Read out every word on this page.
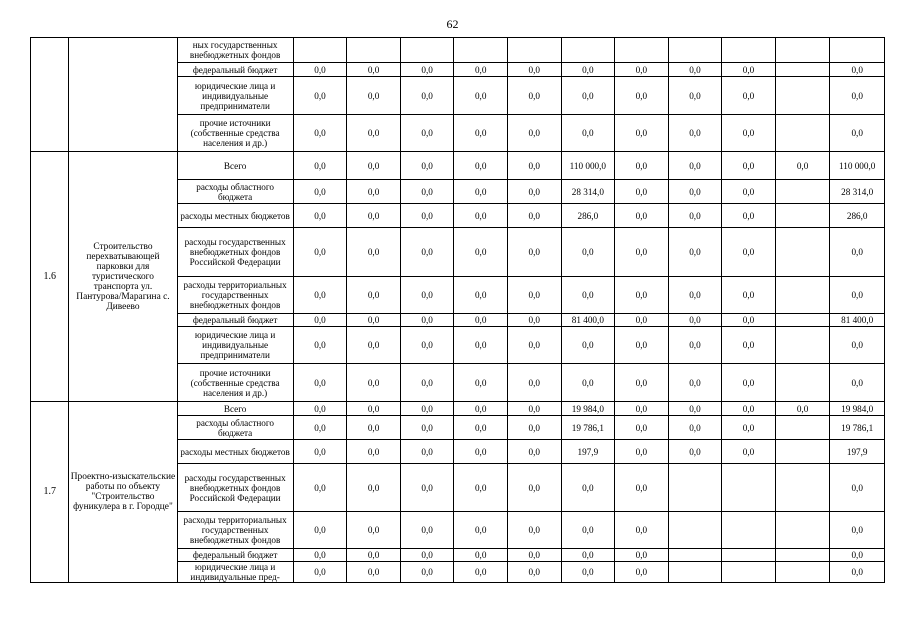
62
		ных государственных внебюджетных фондов											
		федеральный бюджет	0,0	0,0	0,0	0,0	0,0	0,0	0,0	0,0	0,0		0,0
		юридические лица и индивидуальные предприниматели	0,0	0,0	0,0	0,0	0,0	0,0	0,0	0,0	0,0		0,0
		прочие источники (собственные средства населения и др.)	0,0	0,0	0,0	0,0	0,0	0,0	0,0	0,0	0,0		0,0
1.6	Строительство перехватывающей парковки для туристического транспорта ул. Пантурова/Марагина с. Дивеево	Всего	0,0	0,0	0,0	0,0	0,0	110 000,0	0,0	0,0	0,0	0,0	110 000,0
		расходы областного бюджета	0,0	0,0	0,0	0,0	0,0	28 314,0	0,0	0,0	0,0		28 314,0
		расходы местных бюджетов	0,0	0,0	0,0	0,0	0,0	286,0	0,0	0,0	0,0		286,0
		расходы государственных внебюджетных фондов Российской Федерации	0,0	0,0	0,0	0,0	0,0	0,0	0,0	0,0	0,0		0,0
		расходы территориальных государственных внебюджетных фондов	0,0	0,0	0,0	0,0	0,0	0,0	0,0	0,0	0,0		0,0
		федеральный бюджет	0,0	0,0	0,0	0,0	0,0	81 400,0	0,0	0,0	0,0		81 400,0
		юридические лица и индивидуальные предприниматели	0,0	0,0	0,0	0,0	0,0	0,0	0,0	0,0	0,0		0,0
		прочие источники (собственные средства населения и др.)	0,0	0,0	0,0	0,0	0,0	0,0	0,0	0,0	0,0		0,0
1.7	Проектно-изыскательские работы по объекту "Строительство фуникулера в г. Городце"	Всего	0,0	0,0	0,0	0,0	0,0	19 984,0	0,0	0,0	0,0	0,0	19 984,0
		расходы областного бюджета	0,0	0,0	0,0	0,0	0,0	19 786,1	0,0	0,0	0,0		19 786,1
		расходы местных бюджетов	0,0	0,0	0,0	0,0	0,0	197,9	0,0	0,0	0,0		197,9
		расходы государственных внебюджетных фондов Российской Федерации	0,0	0,0	0,0	0,0	0,0	0,0	0,0				0,0
		расходы территориальных государственных внебюджетных фондов	0,0	0,0	0,0	0,0	0,0	0,0	0,0				0,0
		федеральный бюджет	0,0	0,0	0,0	0,0	0,0	0,0	0,0				0,0
		юридические лица и индивидуальные пред-	0,0	0,0	0,0	0,0	0,0	0,0	0,0				0,0
